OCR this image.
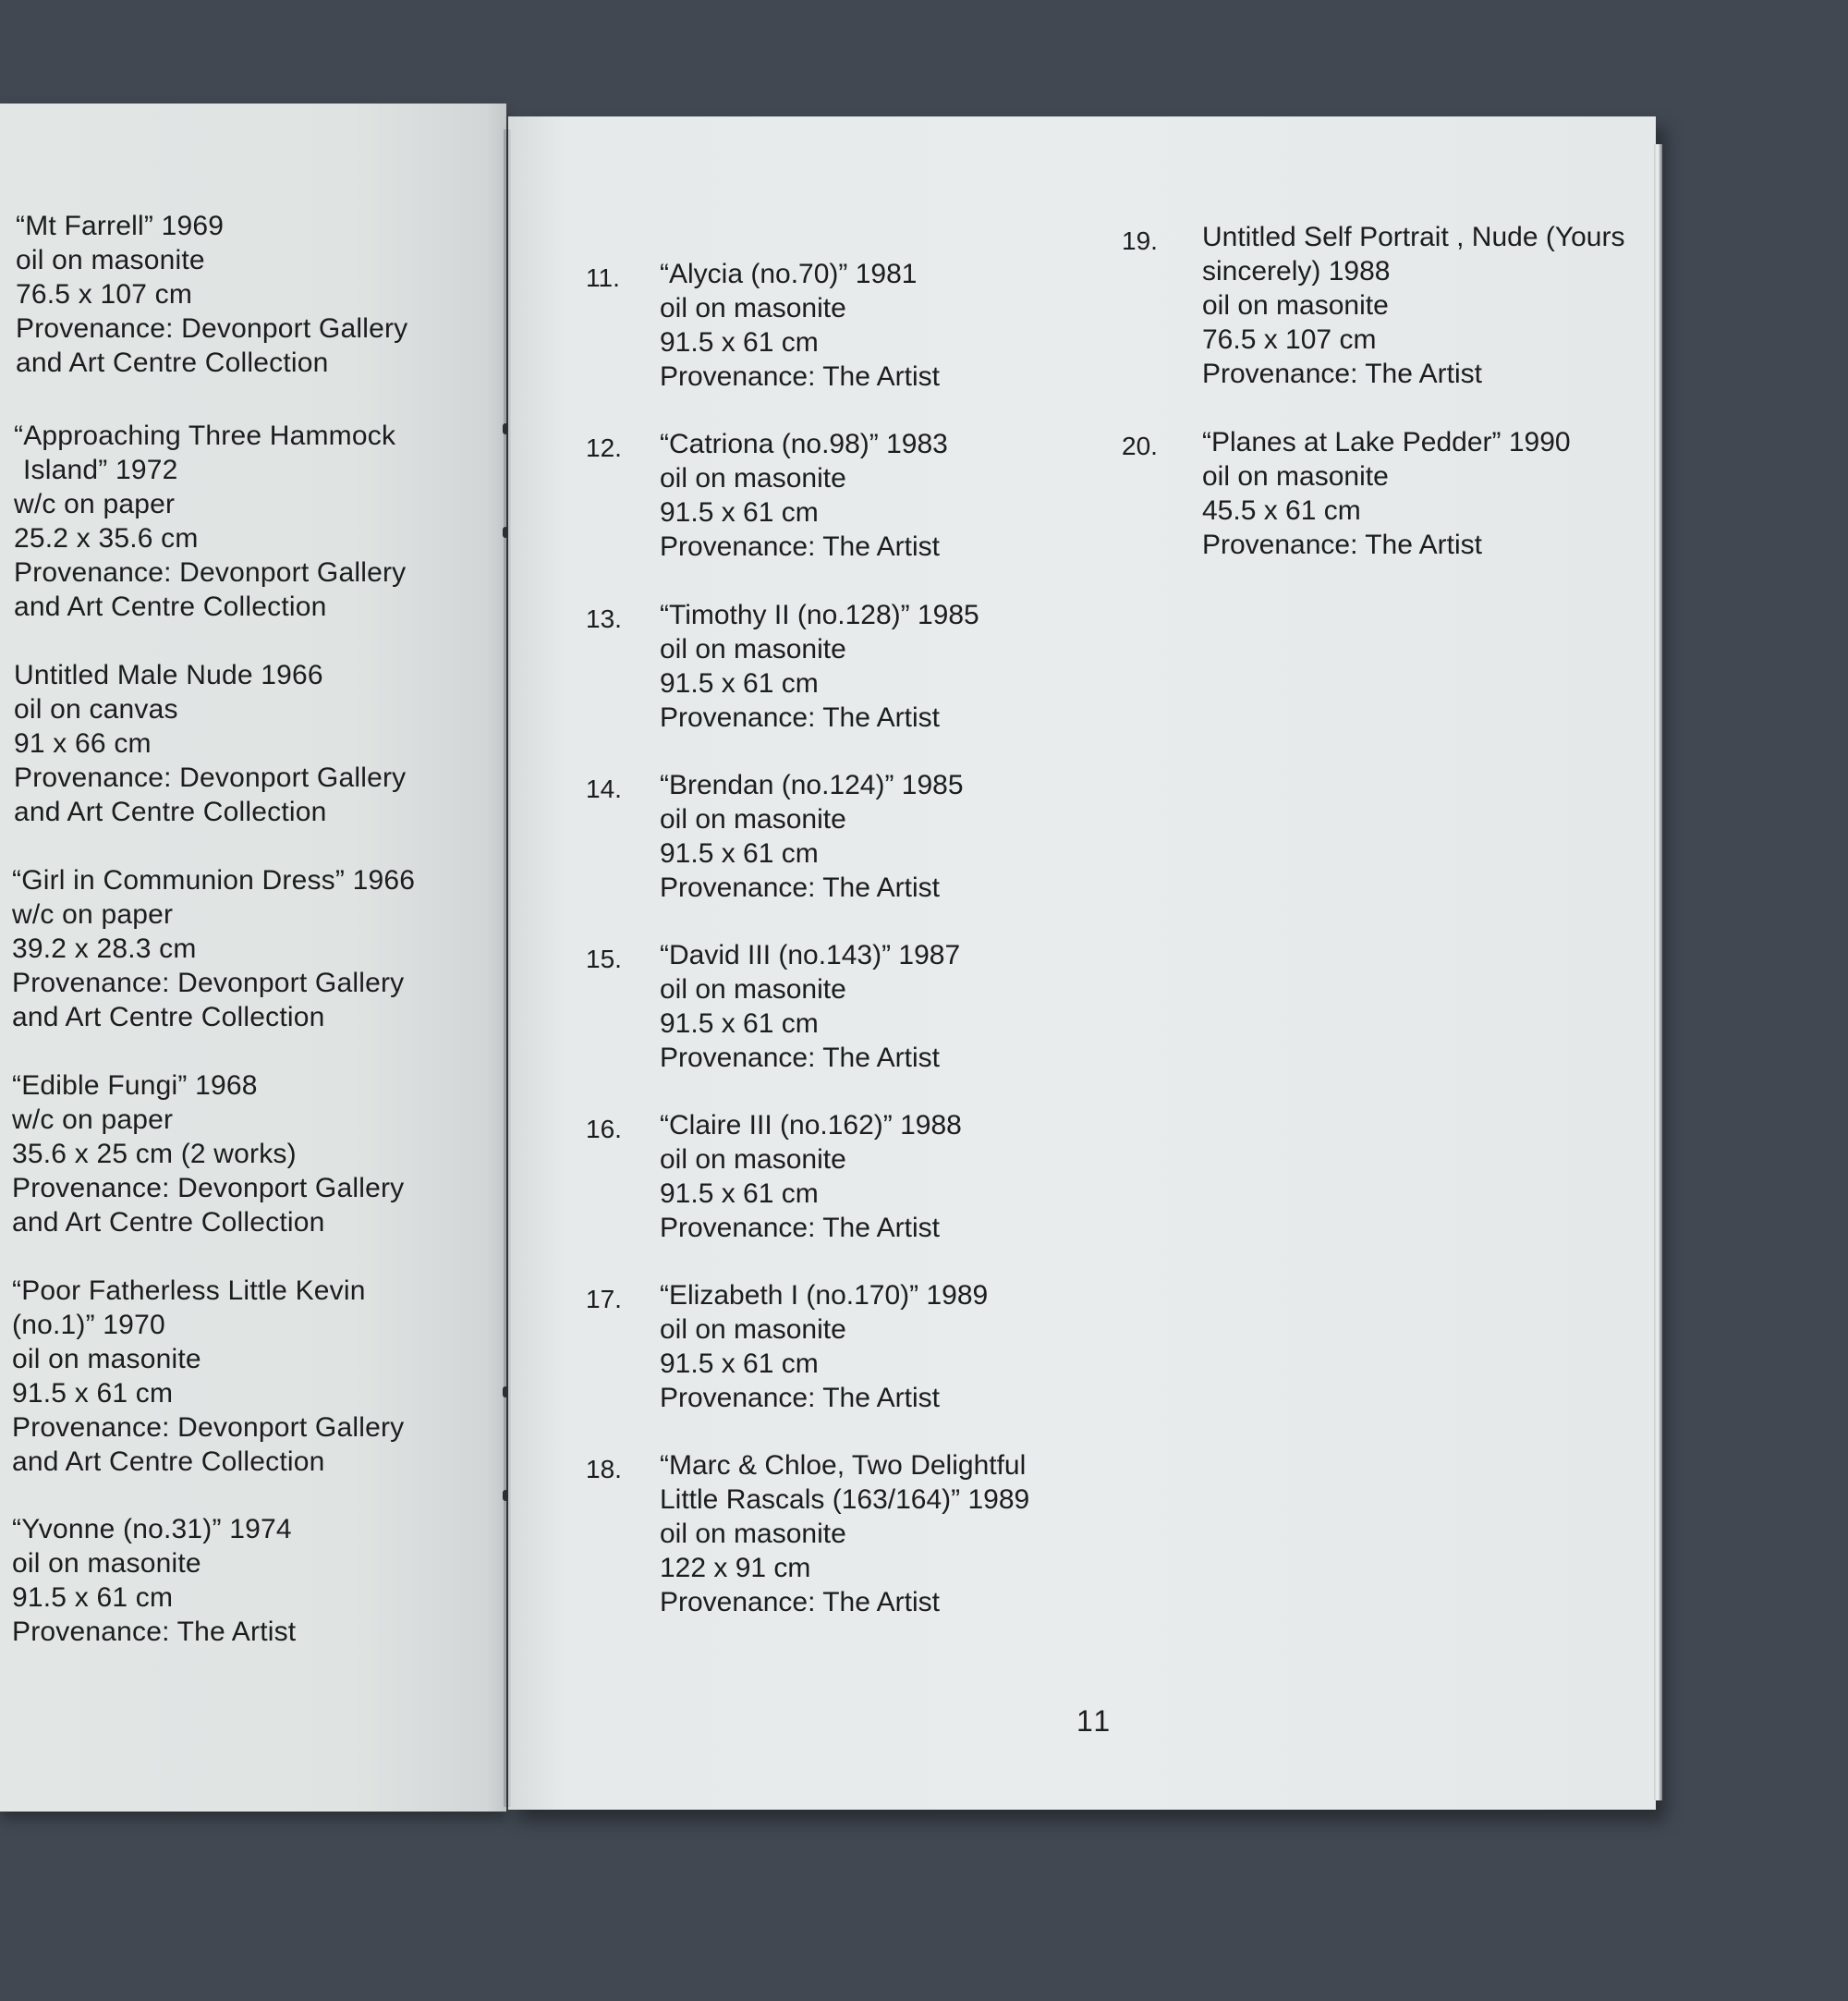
“Mt Farrell” 1969
oil on masonite
76.5 x 107 cm
Provenance: Devonport Gallery
and Art Centre Collection
“Approaching Three Hammock
Island” 1972
w/c on paper
25.2 x 35.6 cm
Provenance: Devonport Gallery
and Art Centre Collection
Untitled Male Nude 1966
oil on canvas
91 x 66 cm
Provenance: Devonport Gallery
and Art Centre Collection
“Girl in Communion Dress” 1966
w/c on paper
39.2 x 28.3 cm
Provenance: Devonport Gallery
and Art Centre Collection
“Edible Fungi” 1968
w/c on paper
35.6 x 25 cm (2 works)
Provenance: Devonport Gallery
and Art Centre Collection
“Poor Fatherless Little Kevin
(no.1)” 1970
oil on masonite
91.5 x 61 cm
Provenance: Devonport Gallery
and Art Centre Collection
“Yvonne (no.31)” 1974
oil on masonite
91.5 x 61 cm
Provenance: The Artist
11.	“Alycia (no.70)” 1981
oil on masonite
91.5 x 61 cm
Provenance: The Artist
12.	“Catriona (no.98)” 1983
oil on masonite
91.5 x 61 cm
Provenance: The Artist
13.	“Timothy II (no.128)” 1985
oil on masonite
91.5 x 61 cm
Provenance: The Artist
14.	“Brendan (no.124)” 1985
oil on masonite
91.5 x 61 cm
Provenance: The Artist
15.	“David III (no.143)” 1987
oil on masonite
91.5 x 61 cm
Provenance: The Artist
16.	“Claire III (no.162)” 1988
oil on masonite
91.5 x 61 cm
Provenance: The Artist
17.	“Elizabeth I (no.170)” 1989
oil on masonite
91.5 x 61 cm
Provenance: The Artist
18.	“Marc & Chloe, Two Delightful
Little Rascals (163/164)” 1989
oil on masonite
122 x 91 cm
Provenance: The Artist
19.	Untitled Self Portrait , Nude (Yours
sincerely) 1988
oil on masonite
76.5 x 107 cm
Provenance: The Artist
20.	“Planes at Lake Pedder” 1990
oil on masonite
45.5 x 61 cm
Provenance: The Artist
11
